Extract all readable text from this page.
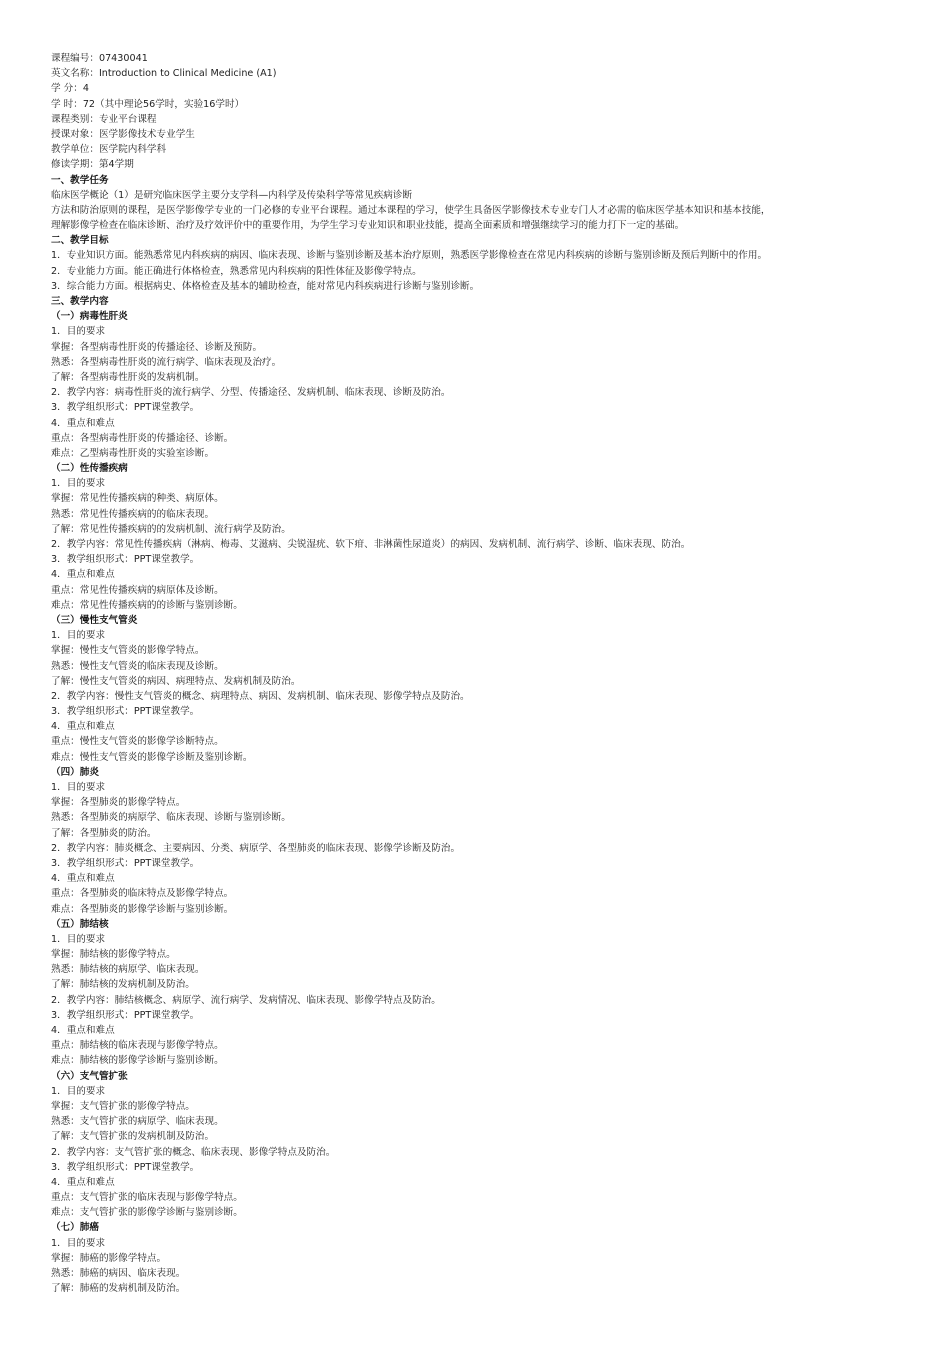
课程编号：07430041
英文名称：Introduction to Clinical Medicine (A1)
学 分：4
学 时：72（其中理论56学时，实验16学时）
课程类别：专业平台课程
授课对象：医学影像技术专业学生
教学单位：医学院内科学科
修读学期：第4学期
一、教学任务
临床医学概论（1）是研究临床医学主要分支学科—内科学及传染科学等常见疾病诊断
方法和防治原则的课程，是医学影像学专业的一门必修的专业平台课程。通过本课程的学习，使学生具备医学影像技术专业专门人才必需的临床医学基本知识和基本技能，
理解影像学检查在临床诊断、治疗及疗效评价中的重要作用，为学生学习专业知识和职业技能，提高全面素质和增强继续学习的能力打下一定的基础。
二、教学目标
1．专业知识方面。能熟悉常见内科疾病的病因、临床表现、诊断与鉴别诊断及基本治疗原则，熟悉医学影像检查在常见内科疾病的诊断与鉴别诊断及预后判断中的作用。
2．专业能力方面。能正确进行体格检查，熟悉常见内科疾病的阳性体征及影像学特点。
3．综合能力方面。根据病史、体格检查及基本的辅助检查，能对常见内科疾病进行诊断与鉴别诊断。
三、教学内容
（一）病毒性肝炎
1．目的要求
掌握：各型病毒性肝炎的传播途径、诊断及预防。
熟悉：各型病毒性肝炎的流行病学、临床表现及治疗。
了解：各型病毒性肝炎的发病机制。
2．教学内容：病毒性肝炎的流行病学、分型、传播途径、发病机制、临床表现、诊断及防治。
3．教学组织形式：PPT课堂教学。
4．重点和难点
重点：各型病毒性肝炎的传播途径、诊断。
难点：乙型病毒性肝炎的实验室诊断。
（二）性传播疾病
1．目的要求
掌握：常见性传播疾病的种类、病原体。
熟悉：常见性传播疾病的的临床表现。
了解：常见性传播疾病的的发病机制、流行病学及防治。
2．教学内容：常见性传播疾病（淋病、梅毒、艾滋病、尖锐湿疣、软下疳、非淋菌性尿道炎）的病因、发病机制、流行病学、诊断、临床表现、防治。
3．教学组织形式：PPT课堂教学。
4．重点和难点
重点：常见性传播疾病的病原体及诊断。
难点：常见性传播疾病的的诊断与鉴别诊断。
（三）慢性支气管炎
1．目的要求
掌握：慢性支气管炎的影像学特点。
熟悉：慢性支气管炎的临床表现及诊断。
了解：慢性支气管炎的病因、病理特点、发病机制及防治。
2．教学内容：慢性支气管炎的概念、病理特点、病因、发病机制、临床表现、影像学特点及防治。
3．教学组织形式：PPT课堂教学。
4．重点和难点
重点：慢性支气管炎的影像学诊断特点。
难点：慢性支气管炎的影像学诊断及鉴别诊断。
（四）肺炎
1．目的要求
掌握：各型肺炎的影像学特点。
熟悉：各型肺炎的病原学、临床表现、诊断与鉴别诊断。
了解：各型肺炎的防治。
2．教学内容：肺炎概念、主要病因、分类、病原学、各型肺炎的临床表现、影像学诊断及防治。
3．教学组织形式：PPT课堂教学。
4．重点和难点
重点：各型肺炎的临床特点及影像学特点。
难点：各型肺炎的影像学诊断与鉴别诊断。
（五）肺结核
1．目的要求
掌握：肺结核的影像学特点。
熟悉：肺结核的病原学、临床表现。
了解：肺结核的发病机制及防治。
2．教学内容：肺结核概念、病原学、流行病学、发病情况、临床表现、影像学特点及防治。
3．教学组织形式：PPT课堂教学。
4．重点和难点
重点：肺结核的临床表现与影像学特点。
难点：肺结核的影像学诊断与鉴别诊断。
（六）支气管扩张
1．目的要求
掌握：支气管扩张的影像学特点。
熟悉：支气管扩张的病原学、临床表现。
了解：支气管扩张的发病机制及防治。
2．教学内容：支气管扩张的概念、临床表现、影像学特点及防治。
3．教学组织形式：PPT课堂教学。
4．重点和难点
重点：支气管扩张的临床表现与影像学特点。
难点：支气管扩张的影像学诊断与鉴别诊断。
（七）肺癌
1．目的要求
掌握：肺癌的影像学特点。
熟悉：肺癌的病因、临床表现。
了解：肺癌的发病机制及防治。
